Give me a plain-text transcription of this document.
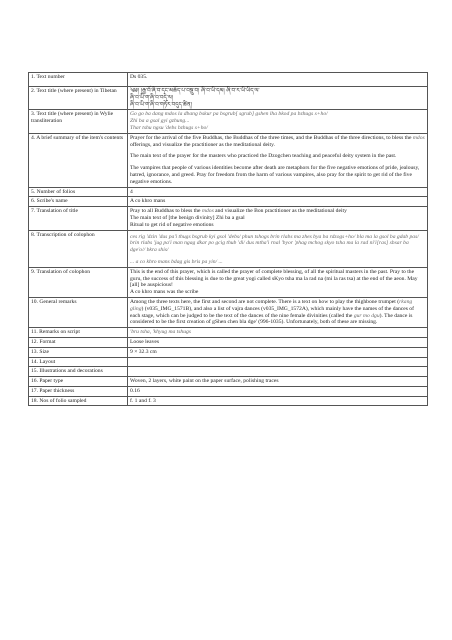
1. Text number	Ds 035.
2. Text title (where present) in Tibetan	༄༅། །རྒྱ་བོ་ཞི་བ་དང་མཆོད་པ་བསྡུ་བ། ཞི་བ་ཡི་དམ། ཞི་བ་ར་ཡི་ཡིད་ལ་
ཞི་བ་ཡི་ག་ཞི་བ་བདེ་ལ།
ཞི་བ་ཡི་ག་ཞི་བ་གཏོར་བདུད་ཚིན།

3. Text title (where present) in Wylie transliteration	Go go ba dang mdos la dbang bskur pa bsgrub[ sgrub] gshen lha bkod pa bzhugs s+ho/
Zhi ba a gsal gyi gzhung...
Thar tshu ngsu 'debs bzhugs s+ho/

4. A brief summary of the item's contents	Prayer for the arrival of the five Buddhas, the Buddhas of the three times, and the Buddhas of the three directions, to bless the mdos offerings, and visualize the practitioner as the meditational deity.
The main text of the prayer for the masters who practiced the Dzogchen teaching and peaceful deity system in the past.
The vampires that people of various identities become after death are metaphors for the five negative emotions of pride, jealousy, hatred, ignorance, and greed. Pray for freedom from the harm of various vampires, also pray for the spirit to get rid of the five negative emotions.

5. Number of folios	4
6. Scribe's name	A co khro mans
7. Translation of title	Pray to all Buddhas to bless the mdos and visualize the Bon practitioner as the meditational deity
The main text of [the benign divinity] Zhi ba a gsal
Ritual to get rid of negative emotions

8. Transcription of colophon	ces rig 'dzin 'dus pa'i thugs bsgrub kyi gsol 'debs/ phun tshogs brin rlabs ma zhes bya ba rdzogs+ho/ bla ma la gsol ba gdab pas/ brin rlabs 'jug pa'i man ngag dkar po gcig thub 'di/ dus mtha'i rnal 'byor 'phag mchog skyo tsha ma la rad ni'i[ras] sbsar ba dge'o// bkra shis/
... a co khro mans bdag gis bris pa yin/ ...

9. Translation of colophon	This is the end of this prayer, which is called the prayer of complete blessing, of all the spiritual masters in the past. Pray to the guru, the success of this blessing is due to the great yogi called sKyo tsha ma la rad na (mi la ras tsa) at the end of the aeon. May [all] be auspicious!
A co khro mans was the scribe

10. General remarks	Among the three texts here, the first and second are not complete. There is a text on how to play the thighbone trumpet (rkang gling) (v035_IMG_1571B), and also a list of vajra dances (v035_IMG_1572A), which mainly have the names of the dances of each stage, which can be judged to be the text of the dances of the nine female divinities (called the gur mo dgu). The dance is considered to be the first creation of gShen chen bla dge' (996-1035). Unfortunately, both of these are missing.
11. Remarks on script	'bru tsha, 'khyug ma tshugs
12. Format	Loose leaves
13. Size	9 × 32.3 cm
14. Layout	
15. Illustrations and decorations	
16. Paper type	Woven, 2 layers, white paint on the paper surface, polishing traces
17. Paper thickness	0.16
18. Nos of folio sampled	f. 1 and f. 3
